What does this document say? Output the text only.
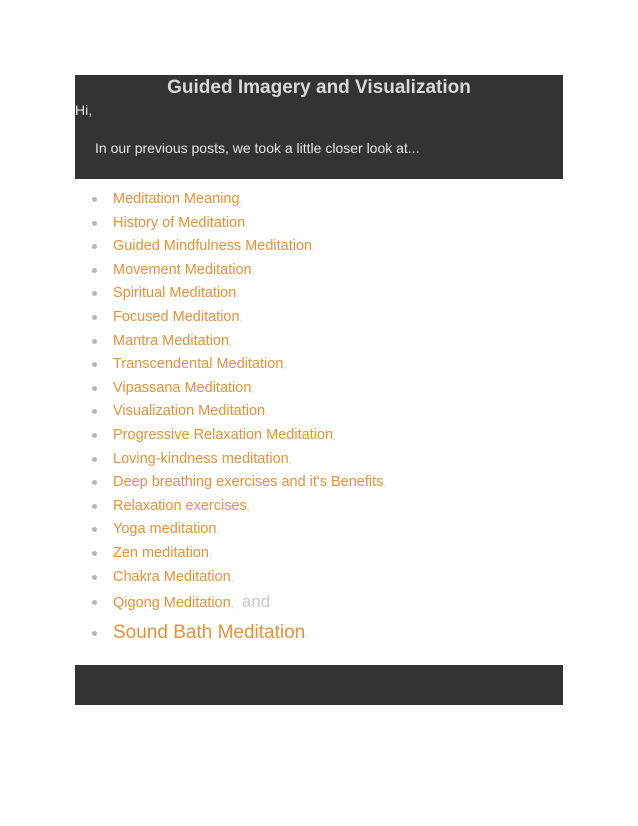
Guided Imagery and Visualization
Hi,
In our previous posts, we took a little closer look at...
Meditation Meaning,
History of Meditation,
Guided Mindfulness Meditation,
Movement Meditation,
Spiritual Meditation,
Focused Meditation,
Mantra Meditation,
Transcendental Meditation,
Vipassana Meditation,
Visualization Meditation,
Progressive Relaxation Meditation,
Loving-kindness meditation,
Deep breathing exercises and it's Benefits,
Relaxation exercises,
Yoga meditation,
Zen meditation,
Chakra Meditation,
Qigong Meditation, and
Sound Bath Meditation.
